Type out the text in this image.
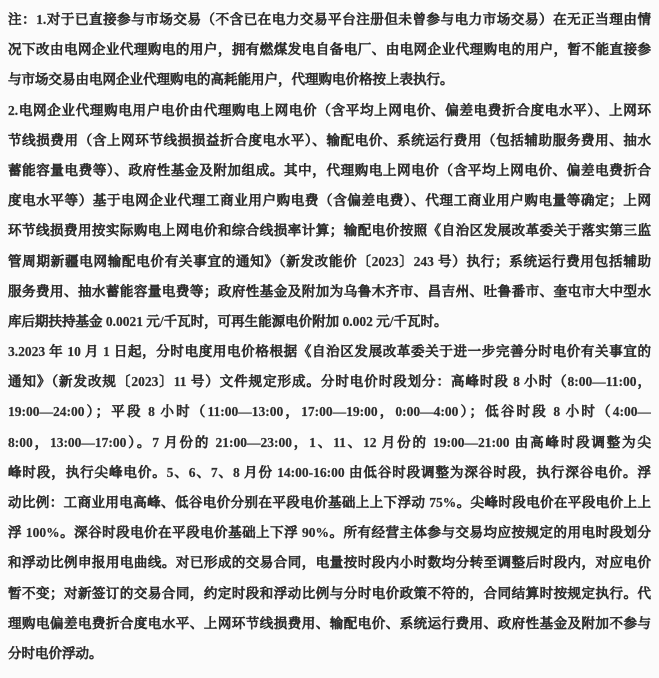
注：1.对于已直接参与市场交易（不含已在电力交易平台注册但未曾参与电力市场交易）在无正当理由情
况下改由电网企业代理购电的用户，拥有燃煤发电自备电厂、由电网企业代理购电的用户，暂不能直接参
与市场交易由电网企业代理购电的高耗能用户，代理购电价格按上表执行。
2.电网企业代理购电用户电价由代理购电上网电价（含平均上网电价、偏差电费折合度电水平）、上网环
节线损费用（含上网环节线损损益折合度电水平）、输配电价、系统运行费用（包括辅助服务费用、抽水
蓄能容量电费等）、政府性基金及附加组成。其中，代理购电上网电价（含平均上网电价、偏差电费折合
度电水平等）基于电网企业代理工商业用户购电费（含偏差电费）、代理工商业用户购电量等确定；上网
环节线损费用按实际购电上网电价和综合线损率计算；输配电价按照《自治区发展改革委关于落实第三监
管周期新疆电网输配电价有关事宜的通知》（新发改能价〔2023〕243 号）执行；系统运行费用包括辅助
服务费用、抽水蓄能容量电费等；政府性基金及附加为乌鲁木齐市、昌吉州、吐鲁番市、奎屯市大中型水
库后期扶持基金 0.0021 元/千瓦时，可再生能源电价附加 0.002 元/千瓦时。
3.2023 年 10 月 1 日起，分时电度用电价格根据《自治区发展改革委关于进一步完善分时电价有关事宜的
通知》（新发改规〔2023〕11 号）文件规定形成。分时电价时段划分：高峰时段 8 小时（8:00—11:00，
19:00—24:00）；平段 8 小时（11:00—13:00，17:00—19:00，0:00—4:00）；低谷时段 8 小时（4:00—
8:00，13:00—17:00）。7 月份的 21:00—23:00，1、11、12 月份的 19:00—21:00 由高峰时段调整为尖
峰时段，执行尖峰电价。5、6、7、8 月份 14:00-16:00 由低谷时段调整为深谷时段，执行深谷电价。浮
动比例：工商业用电高峰、低谷电价分别在平段电价基础上上下浮动 75%。尖峰时段电价在平段电价上上
浮 100%。深谷时段电价在平段电价基础上下浮 90%。所有经营主体参与交易均应按规定的用电时段划分
和浮动比例申报用电曲线。对已形成的交易合同，电量按时段内小时数均分转至调整后时段内，对应电价
暂不变；对新签订的交易合同，约定时段和浮动比例与分时电价政策不符的，合同结算时按规定执行。代
理购电偏差电费折合度电水平、上网环节线损费用、输配电价、系统运行费用、政府性基金及附加不参与
分时电价浮动。
